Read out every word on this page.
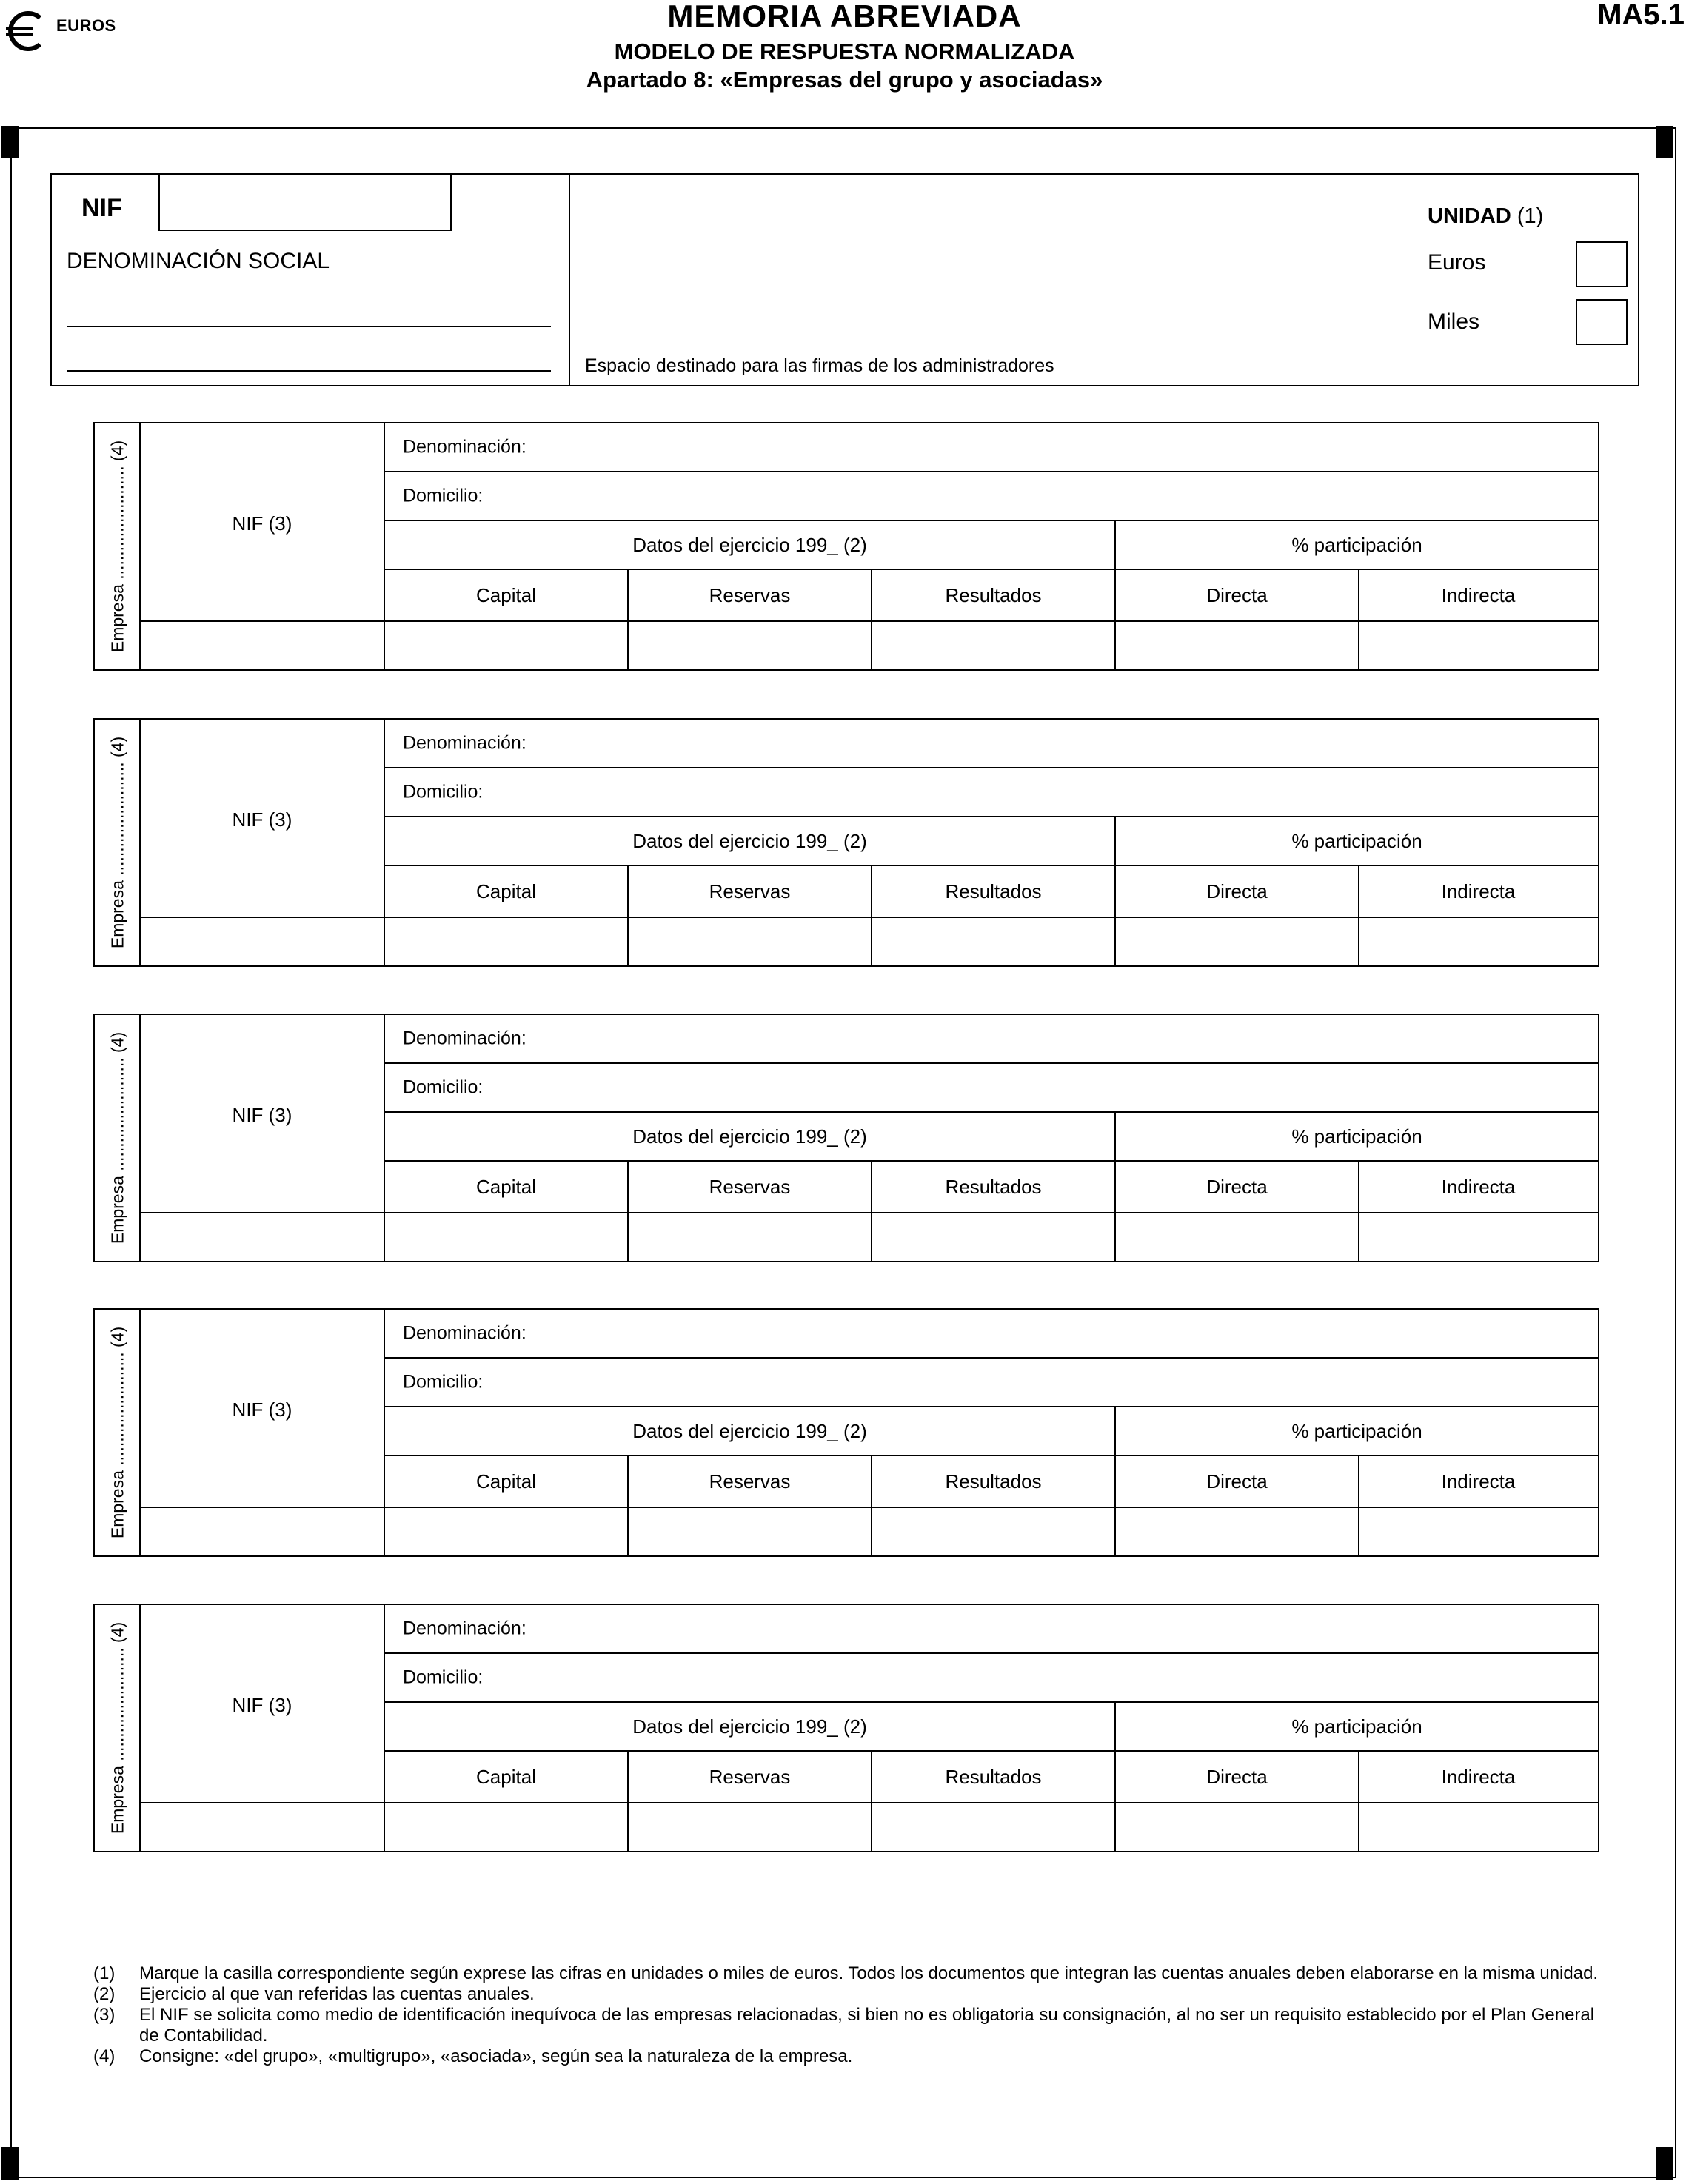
EUROS	MEMORIA ABREVIADA
MODELO DE RESPUESTA NORMALIZADA
Apartado 8: «Empresas del grupo y asociadas»
MA5.1
NIF
DENOMINACIÓN SOCIAL
Espacio destinado para las firmas de los administradores
UNIDAD (1)
Euros
Miles
Empresa ........................ (4)	NIF (3)
Denominación:
Domicilio:
Datos del ejercicio 199_ (2)	% participación
Capital	Reservas	Resultados	Directa	Indirecta
Empresa ........................ (4)	NIF (3)
Denominación:
Domicilio:
Datos del ejercicio 199_ (2)	% participación
Capital	Reservas	Resultados	Directa	Indirecta
Empresa ........................ (4)	NIF (3)
Denominación:
Domicilio:
Datos del ejercicio 199_ (2)	% participación
Capital	Reservas	Resultados	Directa	Indirecta
Empresa ........................ (4)	NIF (3)
Denominación:
Domicilio:
Datos del ejercicio 199_ (2)	% participación
Capital	Reservas	Resultados	Directa	Indirecta
Empresa ........................ (4)	NIF (3)
Denominación:
Domicilio:
Datos del ejercicio 199_ (2)	% participación
Capital	Reservas	Resultados	Directa	Indirecta
(1)	Marque la casilla correspondiente según exprese las cifras en unidades o miles de euros. Todos los documentos que integran las cuentas anuales deben elaborarse en la misma unidad.
(2)	Ejercicio al que van referidas las cuentas anuales.
(3)	El NIF se solicita como medio de identificación inequívoca de las empresas relacionadas, si bien no es obligatoria su consignación, al no ser un requisito establecido por el Plan General de Contabilidad.
(4)	Consigne: «del grupo», «multigrupo», «asociada», según sea la naturaleza de la empresa.
